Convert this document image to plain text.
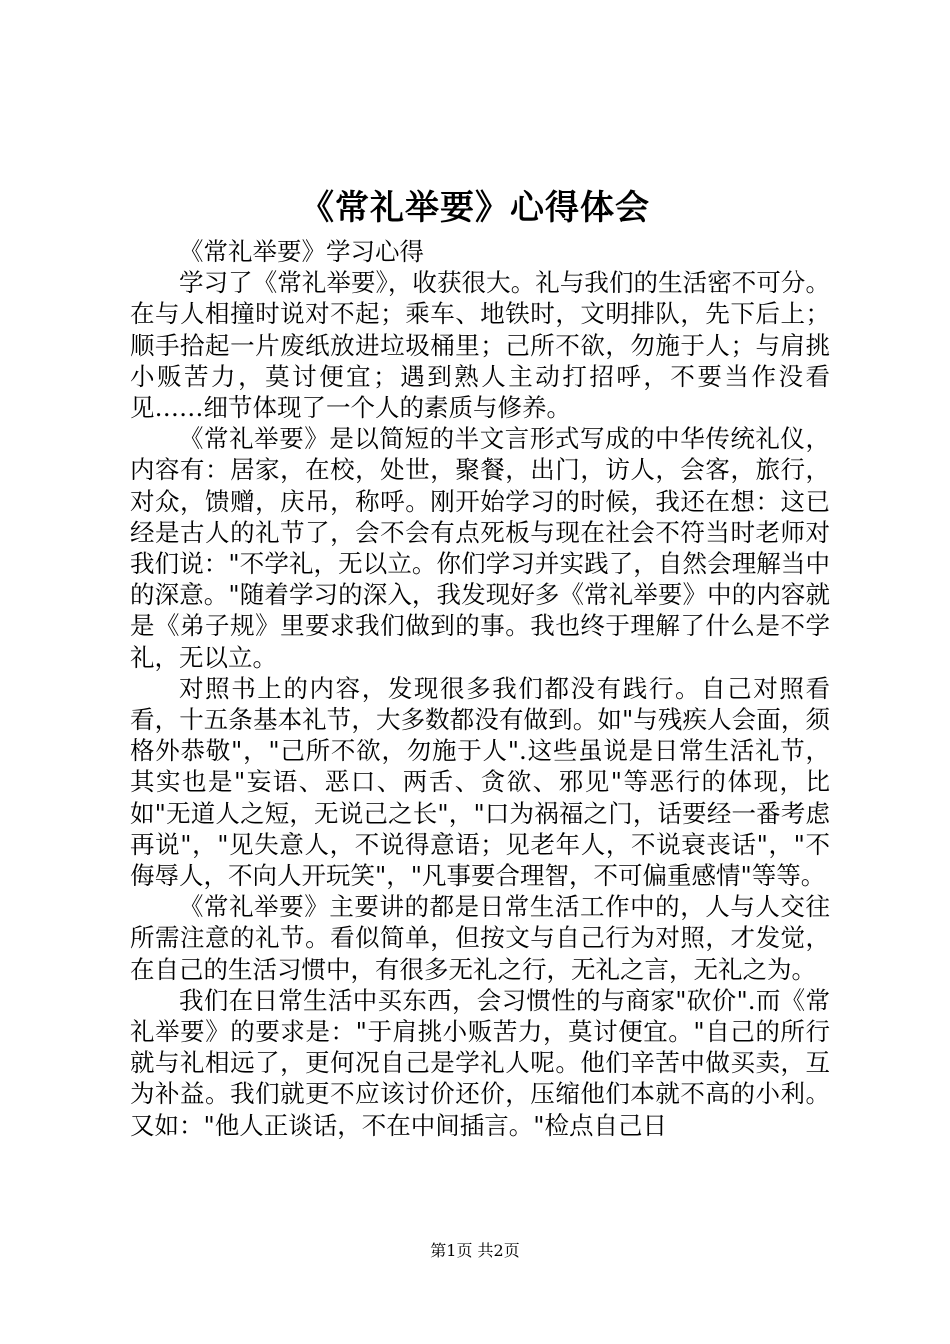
《常礼举要》心得体会

《常礼举要》学习心得

学习了《常礼举要》，收获很大。礼与我们的生活密不可分。在与人相撞时说对不起；乘车、地铁时，文明排队，先下后上；顺手拾起一片废纸放进垃圾桶里；己所不欲，勿施于人；与肩挑小贩苦力，莫讨便宜；遇到熟人主动打招呼，不要当作没看见……细节体现了一个人的素质与修养。

《常礼举要》是以简短的半文言形式写成的中华传统礼仪，内容有：居家，在校，处世，聚餐，出门，访人，会客，旅行，对众，馈赠，庆吊，称呼。刚开始学习的时候，我还在想：这已经是古人的礼节了，会不会有点死板与现在社会不符当时老师对我们说："不学礼，无以立。你们学习并实践了，自然会理解当中的深意。"随着学习的深入，我发现好多《常礼举要》中的内容就是《弟子规》里要求我们做到的事。我也终于理解了什么是不学礼，无以立。

对照书上的内容，发现很多我们都没有践行。自己对照看看，十五条基本礼节，大多数都没有做到。如"与残疾人会面，须格外恭敬"，"己所不欲，勿施于人".这些虽说是日常生活礼节，其实也是"妄语、恶口、两舌、贪欲、邪见"等恶行的体现，比如"无道人之短，无说己之长"，"口为祸福之门，话要经一番考虑再说"，"见失意人，不说得意语；见老年人，不说衰丧话"，"不侮辱人，不向人开玩笑"，"凡事要合理智，不可偏重感情"等等。

《常礼举要》主要讲的都是日常生活工作中的，人与人交往所需注意的礼节。看似简单，但按文与自己行为对照，才发觉，在自己的生活习惯中，有很多无礼之行，无礼之言，无礼之为。

我们在日常生活中买东西，会习惯性的与商家"砍价".而《常礼举要》的要求是："于肩挑小贩苦力，莫讨便宜。"自己的所行就与礼相远了，更何况自己是学礼人呢。他们辛苦中做买卖，互为补益。我们就更不应该讨价还价，压缩他们本就不高的小利。又如："他人正谈话，不在中间插言。"检点自己日

第1页 共2页
